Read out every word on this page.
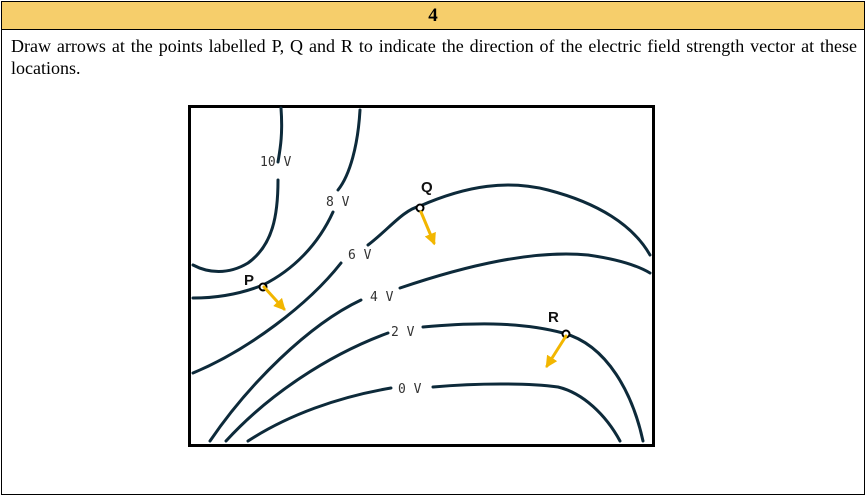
4
Draw arrows at the points labelled P, Q and R to indicate the direction of the electric field strength vector at these locations.
10 V
8 V
6 V
4 V
2 V
0 V
P
Q
R
